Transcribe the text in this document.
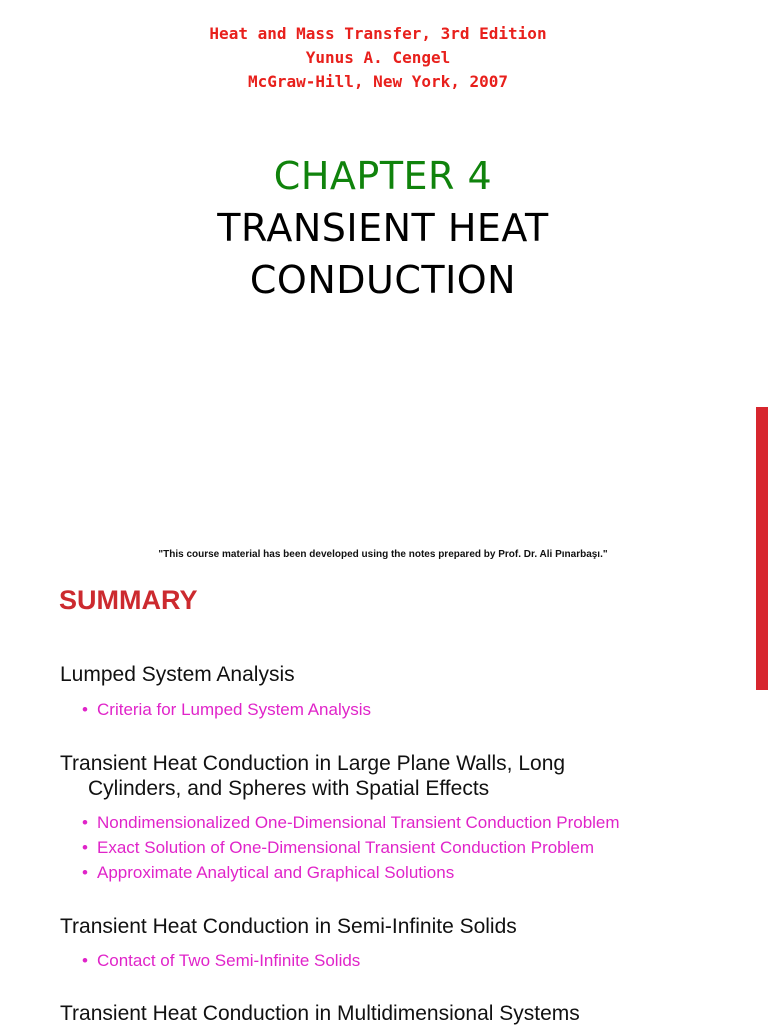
Heat and Mass Transfer, 3rd Edition
Yunus A. Cengel
McGraw-Hill, New York, 2007
CHAPTER 4
TRANSIENT HEAT
CONDUCTION
"This course material has been developed using the notes prepared by Prof. Dr. Ali Pınarbaşı."
SUMMARY
Lumped System Analysis
• Criteria for Lumped System Analysis
Transient Heat Conduction in Large Plane Walls, Long
Cylinders, and Spheres with Spatial Effects
• Nondimensionalized One-Dimensional Transient Conduction Problem
• Exact Solution of One-Dimensional Transient Conduction Problem
• Approximate Analytical and Graphical Solutions
Transient Heat Conduction in Semi-Infinite Solids
• Contact of Two Semi-Infinite Solids
Transient Heat Conduction in Multidimensional Systems
